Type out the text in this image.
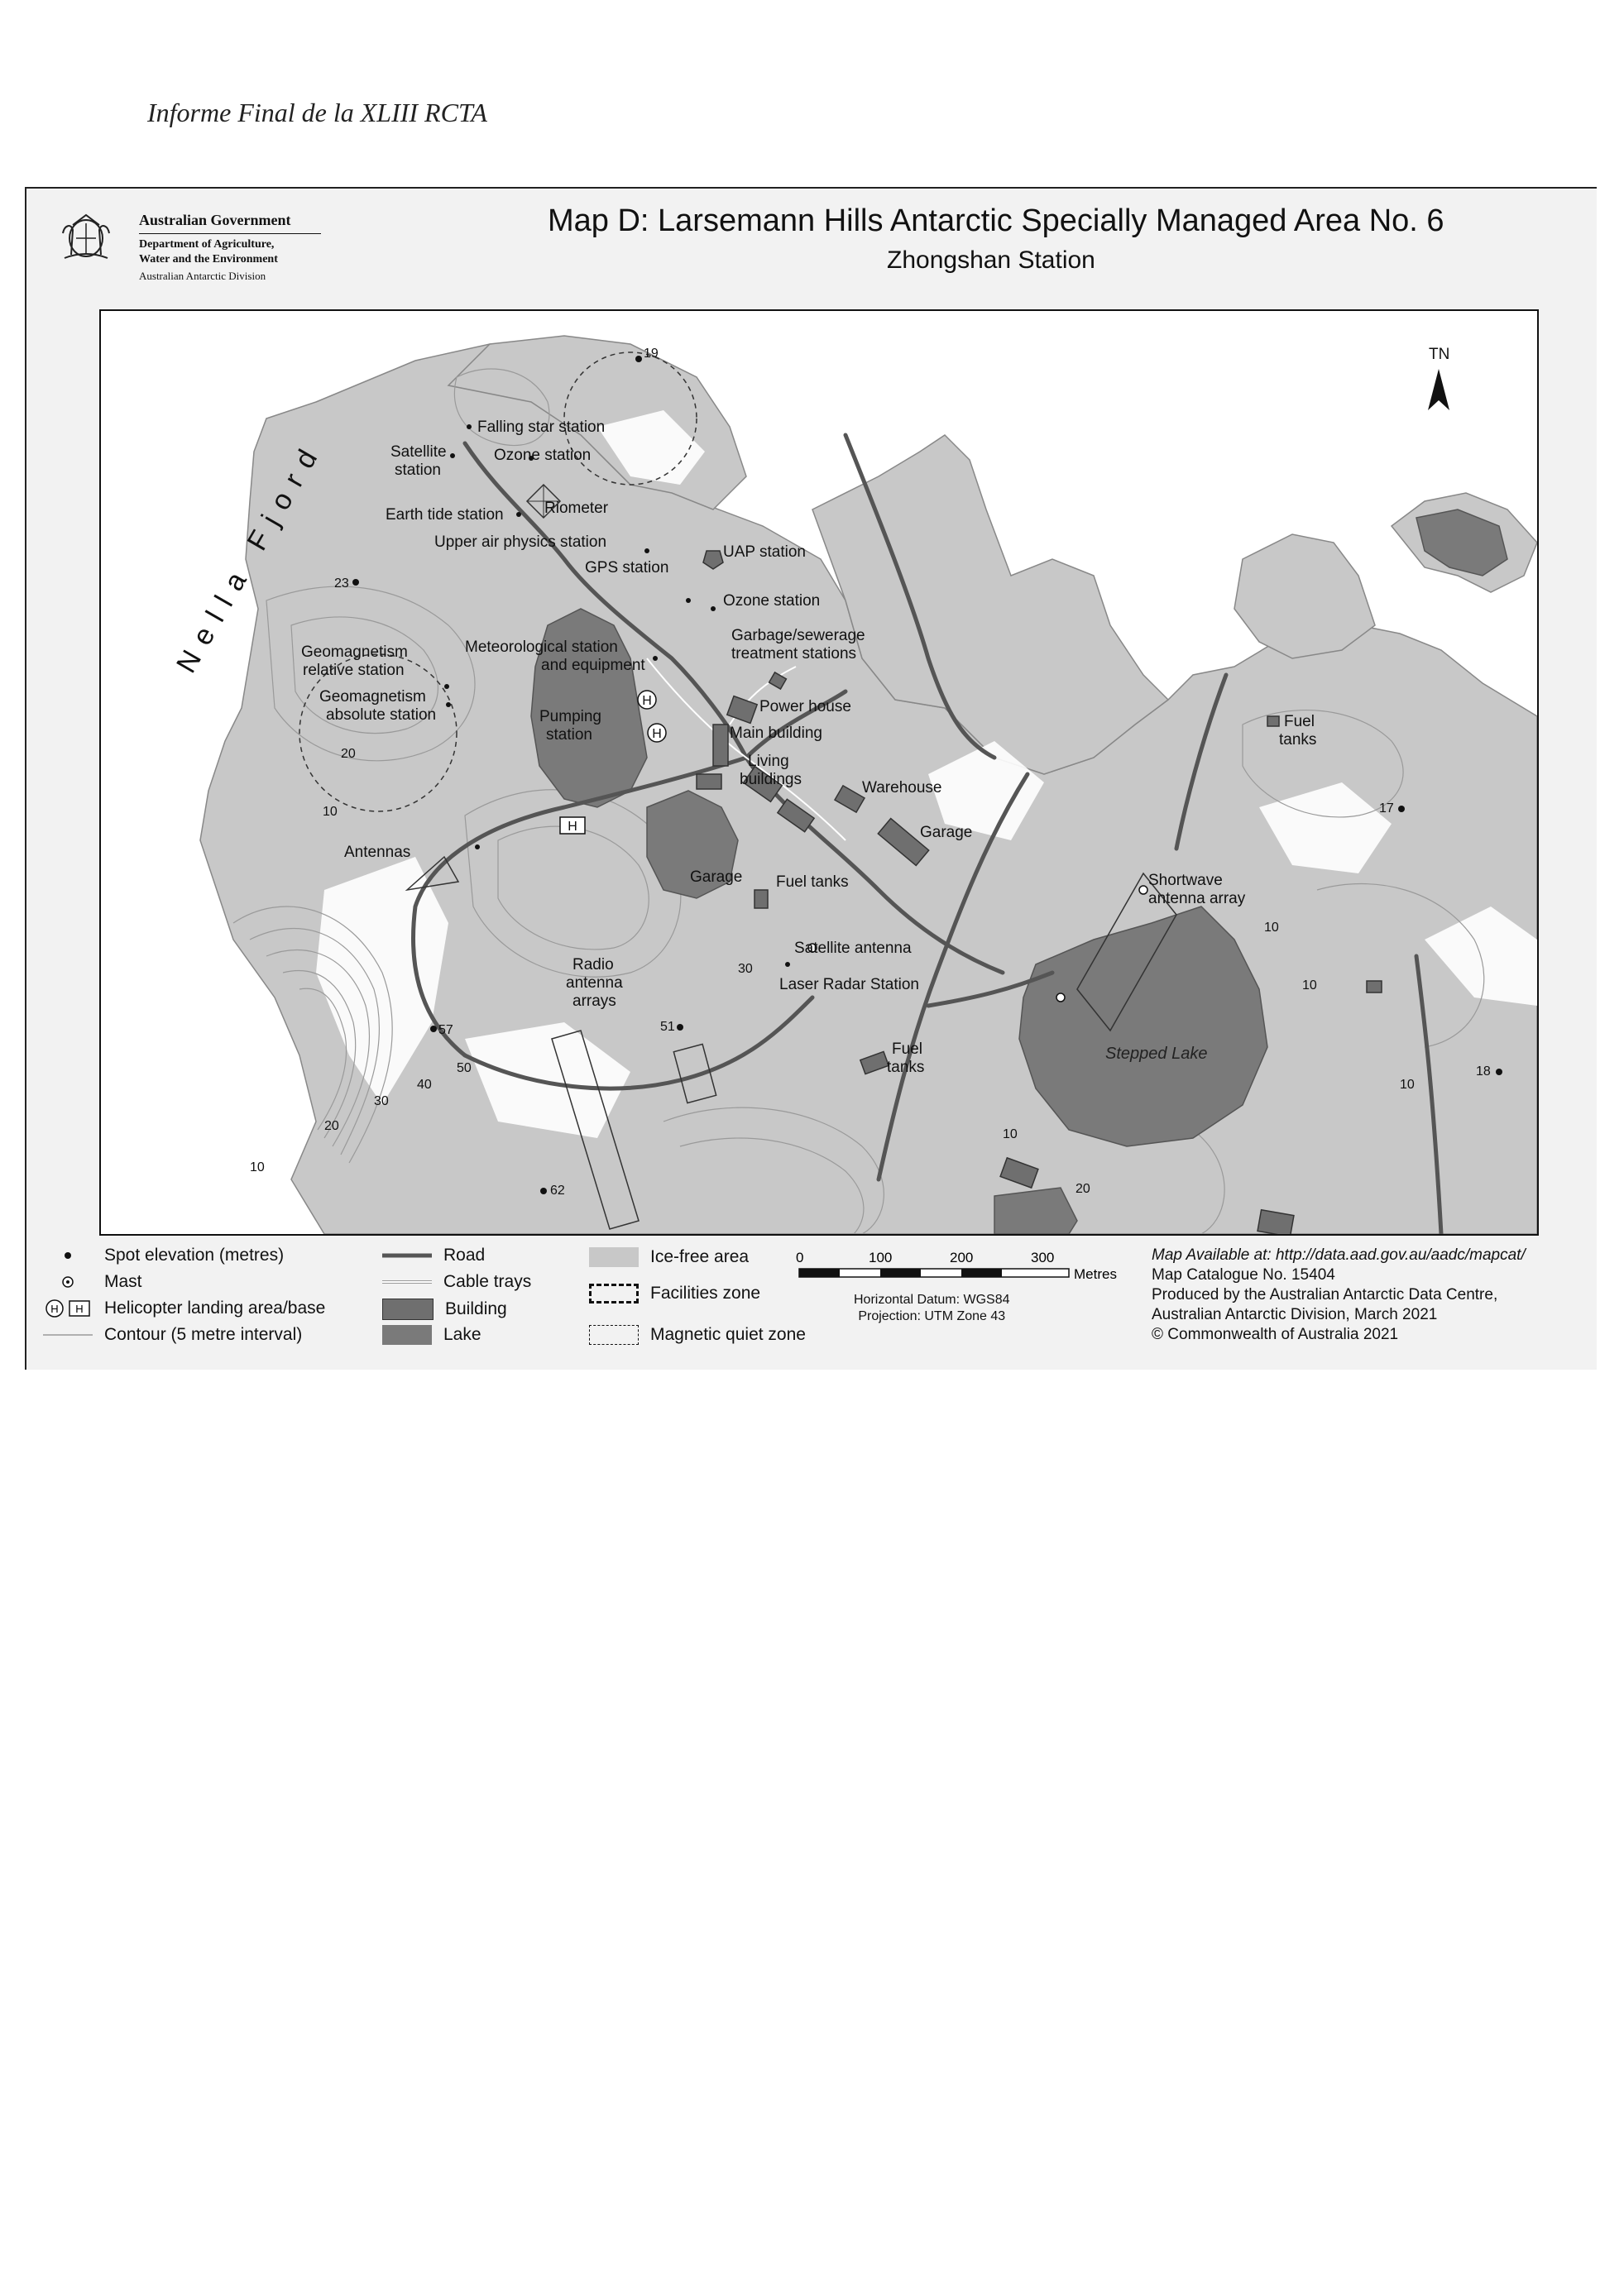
Informe Final de la XLIII RCTA
Australian Government
Department of Agriculture,
Water and the Environment
Australian Antarctic Division
Map D: Larsemann Hills Antarctic Specially Managed Area No. 6
Zhongshan Station
H
H
H
TN
Nella Fjord
Falling star station
Satellite
station
Ozone station
Earth tide station	Riometer
Upper air physics station
UAP station
GPS station
Ozone station
Garbage/sewerage
treatment stations
Meteorological station
and equipment
Geomagnetism
relative station
Geomagnetism
absolute station	Power house
Pumping
station	Main building
Living
buildings	Warehouse
Garage
Antennas
Garage Fuel tanks
Satellite antenna
Laser Radar Station
Radio
antenna
arrays
Fuel
tanks
Fuel
tanks
Shortwave
antenna array
Stepped Lake
19
23
17
18
57	51
62
20
10
10
20
30
40
50
30
10
20
10
10
10
Spot elevation (metres)
Mast
H H Helicopter landing area/base
Contour (5 metre interval)
Road
Cable trays
Building
Lake
Ice-free area
Facilities zone
Magnetic quiet zone
0	100	200	300
Metres
Horizontal Datum: WGS84
Projection: UTM Zone 43
Map Available at: http://data.aad.gov.au/aadc/mapcat/
Map Catalogue No. 15404
Produced by the Australian Antarctic Data Centre,
Australian Antarctic Division, March 2021
© Commonwealth of Australia 2021
